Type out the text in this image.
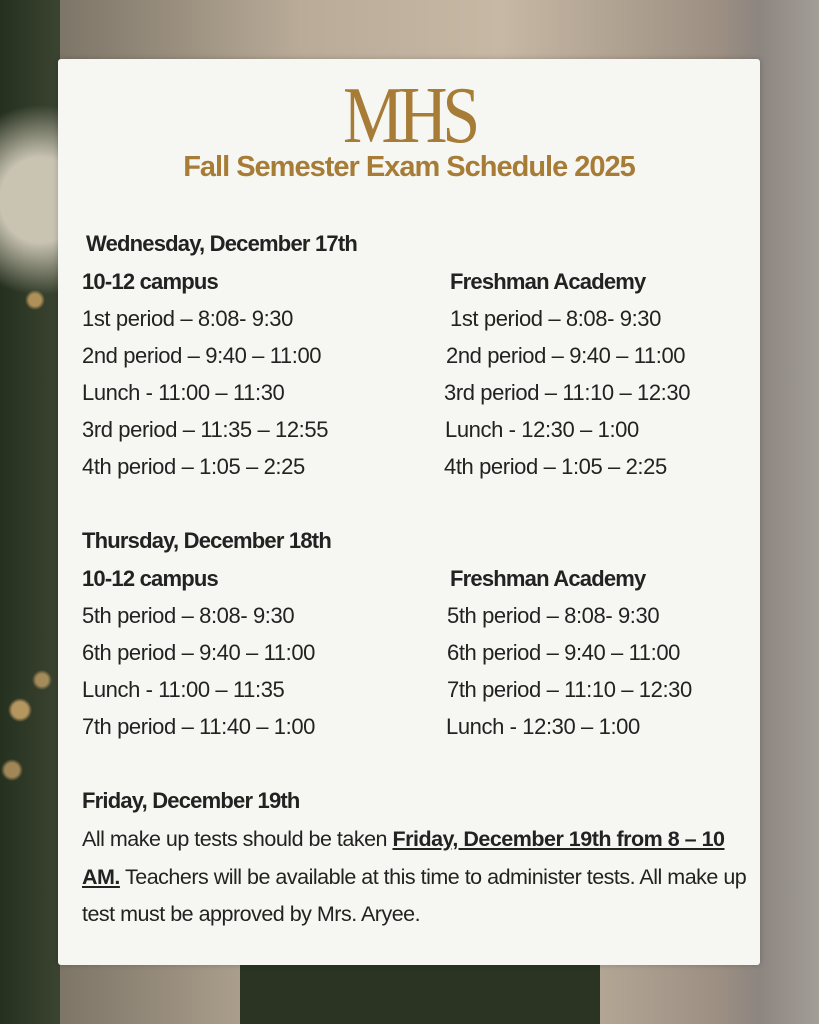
MHS
Fall Semester Exam Schedule 2025
Wednesday, December 17th
10-12 campus	Freshman Academy
1st period – 8:08- 9:30
2nd period – 9:40 – 11:00
Lunch - 11:00 – 11:30
3rd period – 11:35 – 12:55
4th period – 1:05 – 2:25
1st period – 8:08- 9:30
2nd period – 9:40 – 11:00
3rd period – 11:10 – 12:30
Lunch - 12:30 – 1:00
4th period – 1:05 – 2:25
Thursday, December 18th
10-12 campus	Freshman Academy
5th period – 8:08- 9:30
6th period – 9:40 – 11:00
Lunch - 11:00 – 11:35
7th period – 11:40 – 1:00
5th period – 8:08- 9:30
6th period – 9:40 – 11:00
7th period – 11:10 – 12:30
Lunch - 12:30 – 1:00
Friday, December 19th
All make up tests should be taken Friday, December 19th from 8 – 10 AM. Teachers will be available at this time to administer tests. All make up test must be approved by Mrs. Aryee.
